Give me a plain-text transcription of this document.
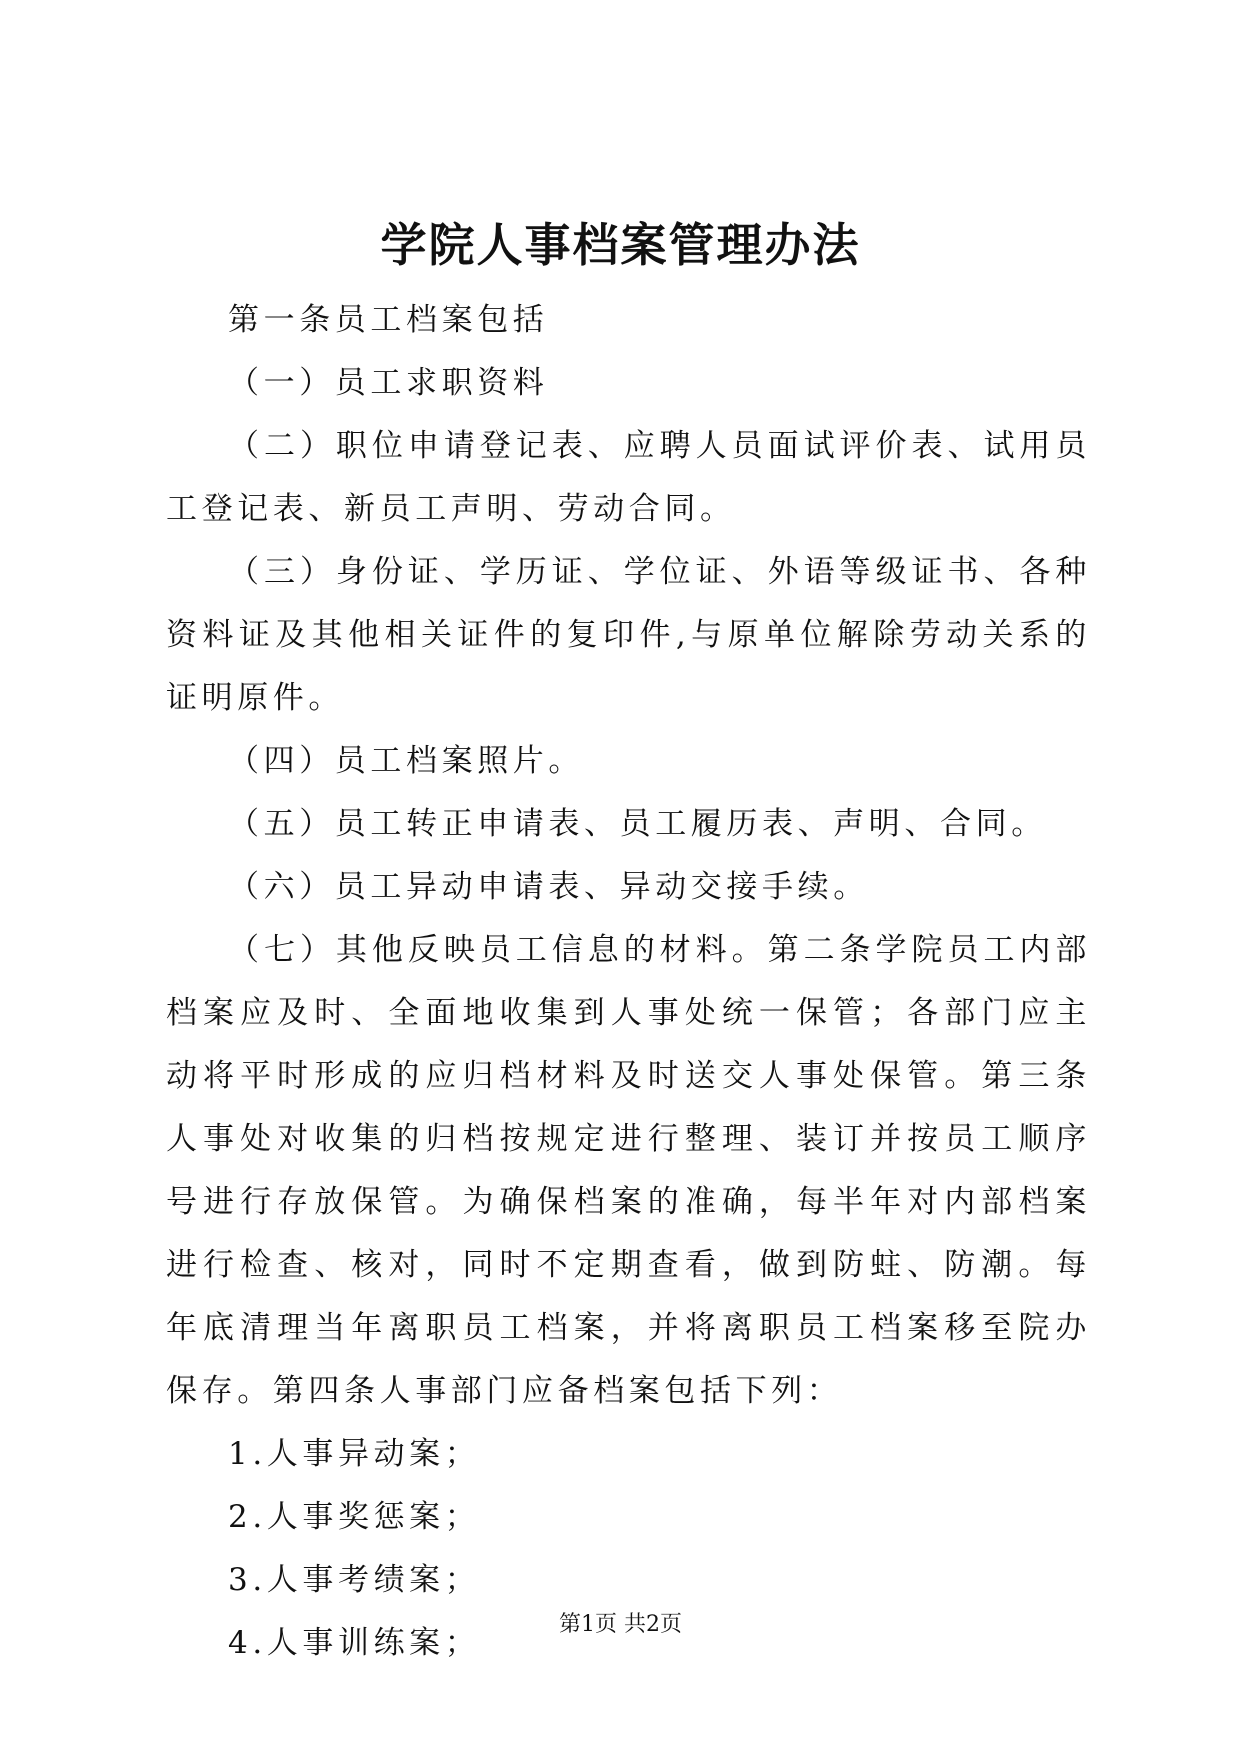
学院人事档案管理办法

第一条员工档案包括

（一）员工求职资料

（二）职位申请登记表、应聘人员面试评价表、试用员工登记表、新员工声明、劳动合同。

（三）身份证、学历证、学位证、外语等级证书、各种资料证及其他相关证件的复印件,与原单位解除劳动关系的证明原件。

（四）员工档案照片。

（五）员工转正申请表、员工履历表、声明、合同。

（六）员工异动申请表、异动交接手续。

（七）其他反映员工信息的材料。第二条学院员工内部档案应及时、全面地收集到人事处统一保管；各部门应主动将平时形成的应归档材料及时送交人事处保管。第三条人事处对收集的归档按规定进行整理、装订并按员工顺序号进行存放保管。为确保档案的准确，每半年对内部档案进行检查、核对，同时不定期查看，做到防蛀、防潮。每年底清理当年离职员工档案，并将离职员工档案移至院办保存。第四条人事部门应备档案包括下列：

1.人事异动案；

2.人事奖惩案；

3.人事考绩案；

4.人事训练案；

第1页 共2页
